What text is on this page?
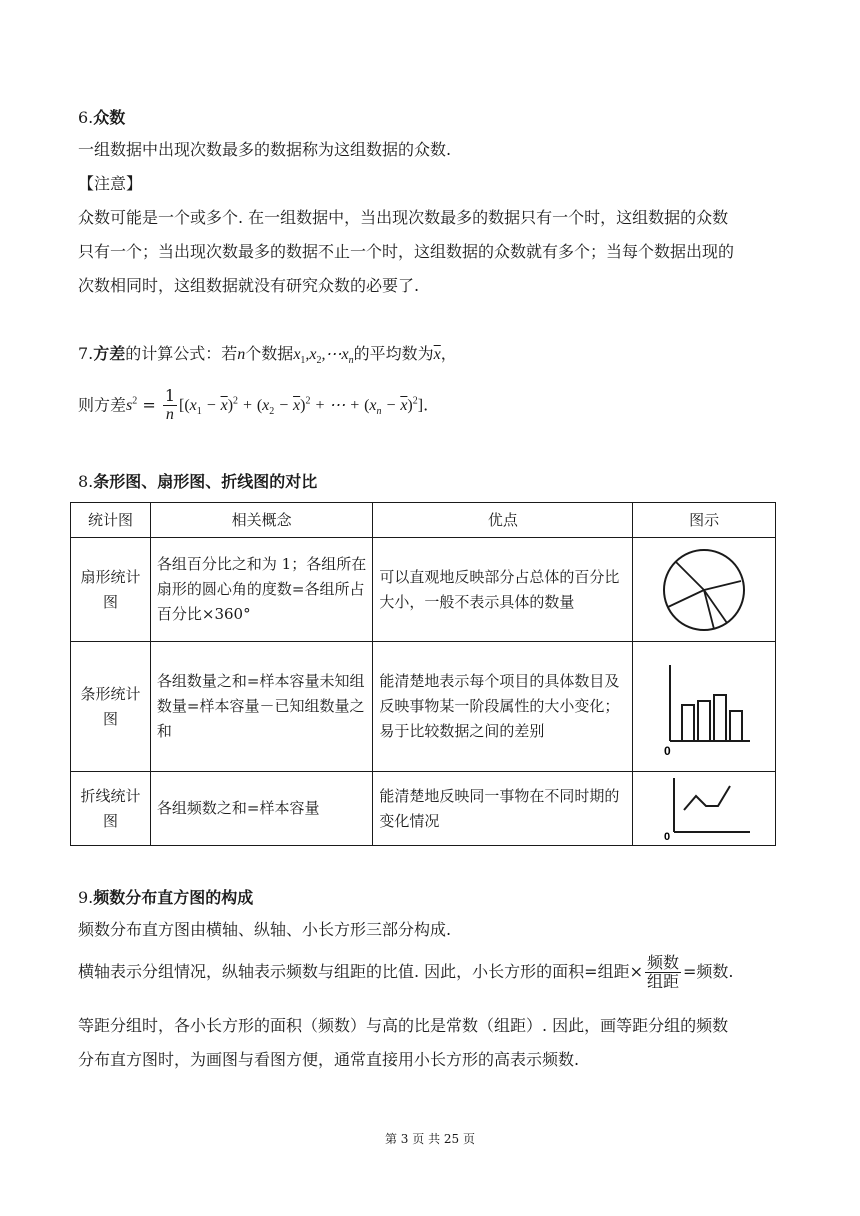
6.众数
一组数据中出现次数最多的数据称为这组数据的众数.
【注意】
众数可能是一个或多个. 在一组数据中，当出现次数最多的数据只有一个时，这组数据的众数
只有一个；当出现次数最多的数据不止一个时，这组数据的众数就有多个；当每个数据出现的
次数相同时，这组数据就没有研究众数的必要了.
7.方差的计算公式：若n个数据$x_1,x_2,\cdots x_n$的平均数为$\overline{x}$，
则方差$s^2 = \frac{1}{n} [(x_1 - \overline{x})^2 + (x_2 - \overline{x})^2$ + ⋯ + $(x_n - \overline{x})^2$].
8.条形图、扇形图、折线图的对比
统计图	相关概念	优点	图示
扇形统计图	各组百分比之和为 1；各组所在扇形的圆心角的度数=各组所占百分比×360°	可以直观地反映部分占总体的百分比大小，一般不表示具体的数量	

条形统计图	各组数量之和=样本容量未知组数量=样本容量－已知组数量之和	能清楚地表示每个项目的具体数目及反映事物某一阶段属性的大小变化；易于比较数据之间的差别	0

折线统计图	各组频数之和=样本容量	能清楚地反映同一事物在不同时期的变化情况	0
9.频数分布直方图的构成
频数分布直方图由横轴、纵轴、小长方形三部分构成.
横轴表示分组情况，纵轴表示频数与组距的比值. 因此，小长方形的面积=组距× $\frac{\text{频数}}{\text{组距}}$ =频数.
等距分组时，各小长方形的面积（频数）与高的比是常数（组距）. 因此，画等距分组的频数
分布直方图时，为画图与看图方便，通常直接用小长方形的高表示频数.
第 3 页 共 25 页
